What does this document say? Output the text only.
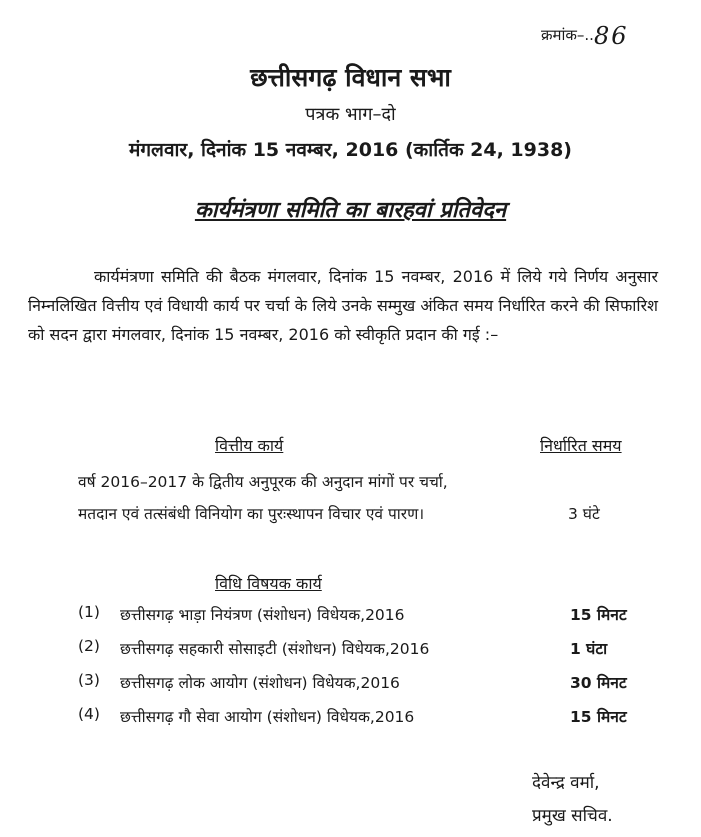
क्रमांक–..86
छत्तीसगढ़ विधान सभा
पत्रक भाग–दो
मंगलवार, दिनांक 15 नवम्बर, 2016 (कार्तिक 24, 1938)
कार्यमंत्रणा समिति का बारहवां प्रतिवेदन
कार्यमंत्रणा समिति की बैठक मंगलवार, दिनांक 15 नवम्बर, 2016 में लिये गये निर्णय अनुसार निम्नलिखित वित्तीय एवं विधायी कार्य पर चर्चा के लिये उनके सम्मुख अंकित समय निर्धारित करने की सिफारिश को सदन द्वारा मंगलवार, दिनांक 15 नवम्बर, 2016 को स्वीकृति प्रदान की गई :–
वित्तीय कार्य	निर्धारित समय
वर्ष 2016–2017 के द्वितीय अनुपूरक की अनुदान मांगों पर चर्चा,
मतदान एवं तत्संबंधी विनियोग का पुरःस्थापन विचार एवं पारण।	3 घंटे
विधि विषयक कार्य
(1) छत्तीसगढ़ भाड़ा नियंत्रण (संशोधन) विधेयक,2016	15 मिनट
(2) छत्तीसगढ़ सहकारी सोसाइटी (संशोधन) विधेयक,2016	1 घंटा
(3) छत्तीसगढ़ लोक आयोग (संशोधन) विधेयक,2016	30 मिनट
(4) छत्तीसगढ़ गौ सेवा आयोग (संशोधन) विधेयक,2016	15 मिनट
देवेन्द्र वर्मा,
प्रमुख सचिव.
